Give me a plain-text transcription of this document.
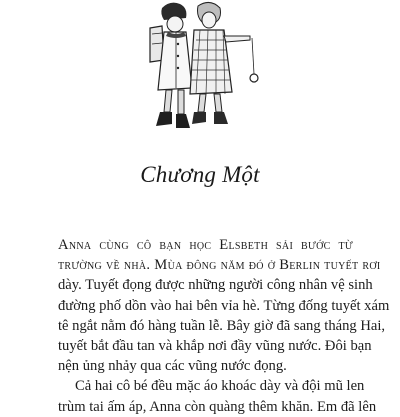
Chương Một

Anna cùng cô bạn học Elsbeth sải bước từ
trường về nhà. Mùa đông năm đó ở Berlin tuyết rơi
dày. Tuyết đọng được những người công nhân vệ sinh
đường phố dồn vào hai bên vỉa hè. Từng đống tuyết xám
tê ngắt nằm đó hàng tuần lễ. Bây giờ đã sang tháng Hai,
tuyết bắt đầu tan và khắp nơi đầy vũng nước. Đôi bạn
nện ủng nhảy qua các vũng nước đọng.

Cả hai cô bé đều mặc áo khoác dày và đội mũ len
trùm tai ấm áp, Anna còn quàng thêm khăn. Em đã lên
